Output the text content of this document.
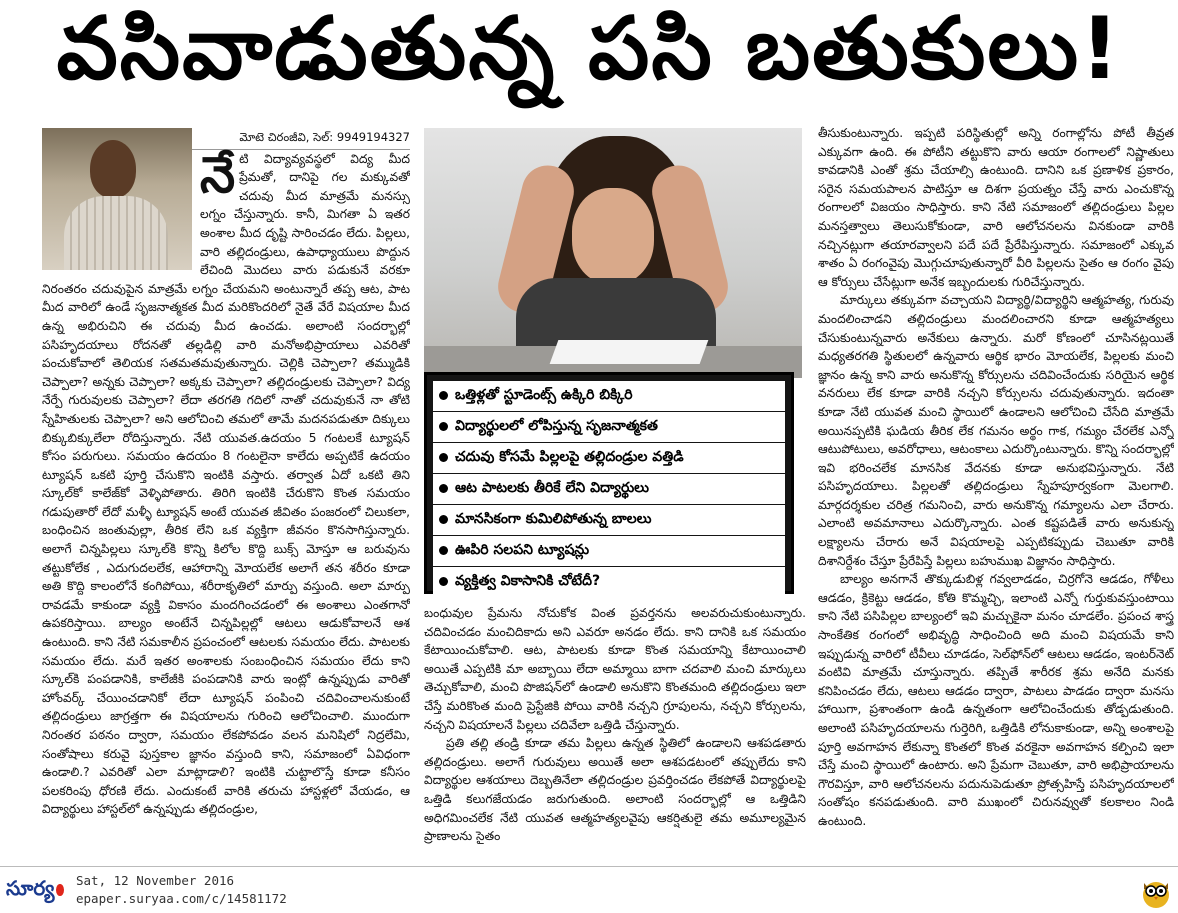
వసివాడుతున్న పసి బతుకులు!

మోటె చిరంజీవి, సెల్: 9949194327

నేటి విద్యావ్యవస్థలో విద్య మీద ప్రేమతో, దానిపై గల మక్కువతో చదువు మీద మాత్రమే మనస్సు లగ్నం చేస్తున్నారు. కానీ, మిగతా ఏ ఇతర అంశాల మీద దృష్టి సారించడం లేదు. పిల్లలు, వారి తల్లిదండ్రులు, ఉపాధ్యాయులు పొద్దున లేచింది మొదలు వారు పడుకునే వరకూ నిరంతరం చదువుపైన మాత్రమే లగ్నం చేయమని అంటున్నారే తప్ప ఆట, పాట మీద వారిలో ఉండే సృజనాత్మకత మీద మరికొందరిలో నైతే వేరే విషయాల మీద ఉన్న అభిరుచిని ఈ చదువు మీద ఉంచడు. అలాంటి సందర్భాల్లో పసిహృదయాలు రోదనతో తల్లడిల్లి వారి మనోఅభిప్రాయాలు ఎవరితో పంచుకోవాలో తెలియక సతమతమవుతున్నారు. చెల్లికి చెప్పాలా? తమ్ముడికి చెప్పాలా? అన్నకు చెప్పాలా? అక్కకు చెప్పాలా? తల్లిదండ్రులకు చెప్పాలా? విద్య నేర్పే గురువులకు చెప్పాలా? లేదా తరగతి గదిలో నాతో చదువుకునే నా తోటి స్నేహితులకు చెప్పాలా? అని ఆలోచించి తమలో తామే మదనపడుతూ దిక్కులు బిక్కుబిక్కులేలా రోదిస్తున్నారు. నేటి యువత.ఉదయం 5 గంటలకే ట్యూషన్ కోసం పరుగులు. సమయం ఉదయం 8 గంటలైనా కాలేదు అప్పటికే ఉదయం ట్యూషన్ ఒకటి పూర్తి చేసుకొని ఇంటికి వస్తారు. తర్వాత ఏదో ఒకటి తిని స్కూల్‌కో కాలేజ్‌కో వెళ్ళిపోతారు. తిరిగి ఇంటికి చేరుకొని కొంత సమయం గడుపుతారో లేదో మళ్ళీ ట్యూషన్ అంటే యువత జీవితం పంజరంలో చిలుకలా, బంధించిన జంతువుల్లా, తీరిక లేని ఒక వ్యక్తిగా జీవనం కొనసాగిస్తున్నారు. అలాగే చిన్నపిల్లలు స్కూల్‌కి కొన్ని కిలోల కొద్ది బుక్స్ మోస్తూ ఆ బరువును తట్టుకోలేక , ఎదుగుదలలేక, ఆహారాన్ని మోయలేక అలాగే తన శరీరం కూడా అతి కొద్ది కాలంలోనే కంగిపోయి, శరీరాకృతిలో మార్పు వస్తుంది. అలా మార్పు రావడమే కాకుండా వ్యక్తి వికాసం మందగించడంలో ఈ అంశాలు ఎంతగానో ఉపకరిస్తాయి. బాల్యం అంటేనే చిన్నపిల్లల్లో ఆటలు ఆడుకోవాలనే ఆశ ఉంటుంది. కాని నేటి సమకాలీన ప్రపంచంలో ఆటలకు సమయం లేదు. పాటలకు సమయం లేదు. మరే ఇతర అంశాలకు సంబంధించిన సమయం లేదు కాని స్కూల్‌కి పంపడానికి, కాలేజీకి పంపడానికి వారు ఇంట్లో ఉన్నప్పుడు వారితో హోంవర్క్ చేయించడానికో లేదా ట్యూషన్ పంపించి చదివించాలనుకుంటే తల్లిదండ్రులు జాగ్రత్తగా ఈ విషయాలను గురించి ఆలోచించాలి. ముందుగా నిరంతర పఠనం ద్వారా, సమయం లేకపోవడం వలన మనిషిలో నిద్రలేమి, సంతోషాలు కరువై పుస్తకాల జ్ఞానం వస్తుంది కాని, సమాజంలో ఏవిధంగా ఉండాలి.? ఎవరితో ఎలా మాట్లాడాలి? ఇంటికి చుట్టాలొస్తే కూడా కనీసం పలకరింపు ధోరణి లేదు. ఎందుకంటే వారికి తరుచు హాస్టళ్లలో వేయడం, ఆ విద్యార్థులు హాస్టల్‌లో ఉన్నప్పుడు తల్లిదండ్రుల,

ఒత్తిళ్లతో స్టూడెంట్స్ ఉక్కిరి బిక్కిరి
విద్యార్థులలో లోపిస్తున్న సృజనాత్మకత
చదువు కోసమే పిల్లలపై తల్లిదండ్రుల వత్తిడి
ఆట పాటలకు తీరికే లేని విద్యార్థులు
మానసికంగా కుమిలిపోతున్న బాలలు
ఊపిరి సలపని ట్యూషన్లు
వ్యక్తిత్వ వికాసానికి చోటేదీ?

బంధువుల ప్రేమను నోచుకోక వింత ప్రవర్తనను అలవరుచుకుంటున్నారు. చదివించడం మంచిదికాదు అని ఎవరూ అనడం లేదు. కాని దానికి ఒక సమయం కేటాయించుకోవాలి. ఆట, పాటలకు కూడా కొంత సమయాన్ని కేటాయించాలి అయితే ఎప్పటికి మా అబ్బాయి లేదా అమ్మాయి బాగా చదవాలి మంచి మార్కులు తెచ్చుకోవాలి, మంచి పొజిషన్‌లో ఉండాలి అనుకొని కొంతమంది తల్లిదండ్రులు ఇలా చేస్తే మరికొంత మంది ప్రెస్టేజికి పోయి వారికి నచ్చని గ్రూపులను, నచ్చని కోర్సులను, నచ్చని విషయాలనే పిల్లలు చదివేలా ఒత్తిడి చేస్తున్నారు.

ప్రతి తల్లి తండ్రి కూడా తమ పిల్లలు ఉన్నత స్థితిలో ఉండాలని ఆశపడతారు తల్లిదండ్రులు. అలాగే గురువులు అయితే అలా ఆశపడటంలో తప్పులేదు కాని విద్యార్థుల ఆశయాలు దెబ్బతినేలా తల్లిదండ్రుల ప్రవర్తించడం లేకపోతే విద్యార్థులపై ఒత్తిడి కలుగజేయడం జరుగుతుంది. అలాంటి సందర్భాల్లో ఆ ఒత్తిడిని అధిగమించలేక నేటి యువత ఆత్మహత్యలవైపు ఆకర్షితులై తమ అమూల్యమైన ప్రాణాలను సైతం

తీసుకుంటున్నారు. ఇప్పటి పరిస్థితుల్లో అన్ని రంగాల్లోను పోటీ తీవ్రత ఎక్కువగా ఉంది. ఈ పోటీని తట్టుకొని వారు ఆయా రంగాలలో నిష్ణాతులు కావడానికి ఎంతో శ్రమ చేయాల్సి ఉంటుంది. దానిని ఒక ప్రణాళిక ప్రకారం, సరైన సమయపాలన పాటిస్తూ ఆ దిశగా ప్రయత్నం చేస్తే వారు ఎంచుకొన్న రంగాలలో విజయం సాధిస్తారు. కాని నేటి సమాజంలో తల్లిదండ్రులు పిల్లల మనస్తత్వాలు తెలుసుకోకుండా, వారి ఆలోచనలను వినకుండా వారికి నచ్చినట్లుగా తయారవ్వాలని పదే పదే ప్రేరేపిస్తున్నారు. సమాజంలో ఎక్కువ శాతం ఏ రంగంవైపు మొగ్గుచూపుతున్నారో వీరి పిల్లలను సైతం ఆ రంగం వైపు ఆ కోర్సులు చేసేట్లుగా అనేక ఇబ్బందులకు గురిచేస్తున్నారు.

మార్కులు తక్కువగా వచ్చాయని విద్యార్థి/విద్యార్థిని ఆత్మహత్య, గురువు మందలించాడని తల్లిదండ్రులు మందలించారని కూడా ఆత్మహత్యలు చేసుకుంటున్నవారు అనేకులు ఉన్నారు. మరో కోణంలో చూసినట్లయితే మధ్యతరగతి స్థితులలో ఉన్నవారు ఆర్థిక భారం మోయలేక, పిల్లలకు మంచి జ్ఞానం ఉన్న కాని వారు అనుకొన్న కోర్సులను చదివించేందుకు సరియైన ఆర్థిక వనరులు లేక కూడా వారికి నచ్చని కోర్సులను చదువుతున్నారు. ఇదంతా కూడా నేటి యువత మంచి స్థాయిలో ఉండాలని ఆలోచించి చేసేది మాత్రమే అయినప్పటికి ఘడియ తీరిక లేక గమనం అర్థం గాక, గమ్యం చేరలేక ఎన్నో ఆటుపోటులు, అవరోధాలు, ఆటంకాలు ఎదుర్కొంటున్నారు. కొన్ని సందర్భాల్లో ఇవి భరించలేక మానసిక వేదనకు కూడా అనుభవిస్తున్నారు. నేటి పసిహృదయాలు. పిల్లలతో తల్లిదండ్రులు స్నేహపూర్వకంగా మెలగాలి. మార్గదర్శకుల చరిత్ర గమనించి, వారు అనుకొన్న గమ్యాలను ఎలా చేరారు. ఎలాంటి అవమానాలు ఎదుర్కొన్నారు. ఎంత కష్టపడితే వారు అనుకున్న లక్ష్యాలను చేరారు అనే విషయాలపై ఎప్పటికప్పుడు చెబుతూ వారికి దిశానిర్దేశం చేస్తూ ప్రేరేపిస్తే పిల్లలు బహుముఖ విజ్ఞానం సాధిస్తారు.

బాల్యం అనగానే తొక్కుడుబిళ్ల గవ్వలాడడం, చిర్రగోనె ఆడడం, గోళీలు ఆడడం, క్రికెట్టు ఆడడం, కోతి కొమ్మచ్చి, ఇలాంటి ఎన్నో గుర్తుకువస్తుంటాయి కాని నేటి పసిపిల్లల బాల్యంలో ఇవి మచ్చుకైనా మనం చూడలేం. ప్రపంచ శాస్త్ర సాంకేతిక రంగంలో అభివృద్ధి సాధించింది అది మంచి విషయమే కాని ఇప్పుడున్న వారిలో టీవీలు చూడడం, సెల్‌ఫోన్‌లో ఆటలు ఆడడం, ఇంటర్‌నెట్ వంటివి మాత్రమే చూస్తున్నారు. తప్పితే శారీరక శ్రమ అనేది మనకు కనిపించడం లేదు, ఆటలు ఆడడం ద్వారా, పాటలు పాడడం ద్వారా మనసు హాయిగా, ప్రశాంతంగా ఉండి ఉన్నతంగా ఆలోచించేందుకు తోడ్పడుతుంది. అలాంటి పసిహృదయాలను గుర్తెరిగి, ఒత్తిడికి లోనుకాకుండా, అన్ని అంశాలపై పూర్తి అవగాహన లేకున్నా కొంతలో కొంత వరకైనా అవగాహన కల్పించి ఇలా చేస్తే మంచి స్థాయిలో ఉంటారు. అని ప్రేమగా చెబుతూ, వారి అభిప్రాయాలను గౌరవిస్తూ, వారి ఆలోచనలను పదునుపెడుతూ ప్రోత్సహిస్తే పసిహృదయాలలో సంతోషం కనపడుతుంది. వారి ముఖంలో చిరునవ్వుతో కలకాలం నిండి ఉంటుంది.

సూర్య Sat, 12 November 2016
epaper.suryaa.com/c/14581172
